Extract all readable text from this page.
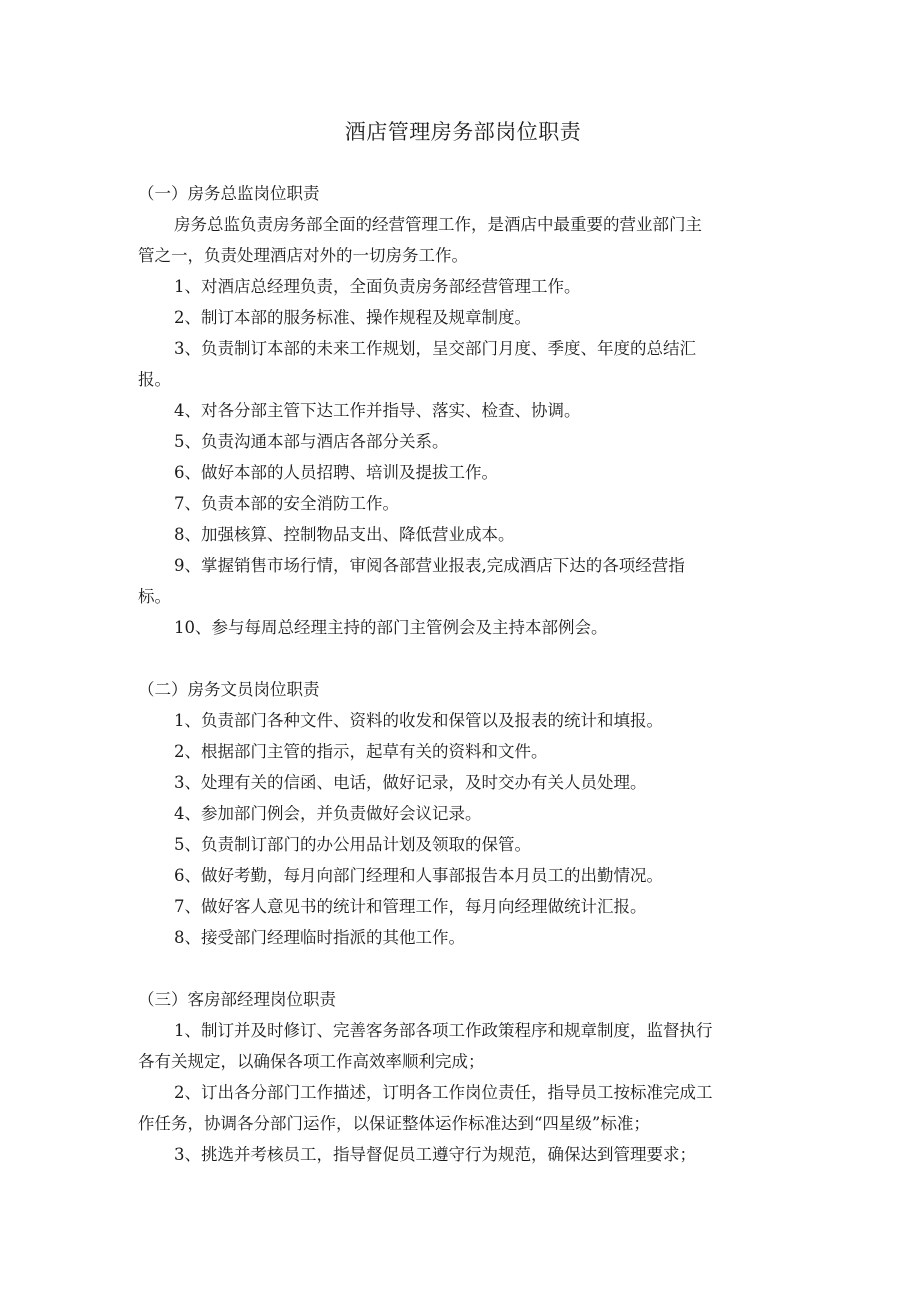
酒店管理房务部岗位职责
（一）房务总监岗位职责
房务总监负责房务部全面的经营管理工作，是酒店中最重要的营业部门主
管之一，负责处理酒店对外的一切房务工作。
1、对酒店总经理负责，全面负责房务部经营管理工作。
2、制订本部的服务标准、操作规程及规章制度。
3、负责制订本部的未来工作规划，呈交部门月度、季度、年度的总结汇
报。
4、对各分部主管下达工作并指导、落实、检查、协调。
5、负责沟通本部与酒店各部分关系。
6、做好本部的人员招聘、培训及提拔工作。
7、负责本部的安全消防工作。
8、加强核算、控制物品支出、降低营业成本。
9、掌握销售市场行情，审阅各部营业报表,完成酒店下达的各项经营指
标。
10、参与每周总经理主持的部门主管例会及主持本部例会。
（二）房务文员岗位职责
1、负责部门各种文件、资料的收发和保管以及报表的统计和填报。
2、根据部门主管的指示，起草有关的资料和文件。
3、处理有关的信函、电话，做好记录，及时交办有关人员处理。
4、参加部门例会，并负责做好会议记录。
5、负责制订部门的办公用品计划及领取的保管。
6、做好考勤，每月向部门经理和人事部报告本月员工的出勤情况。
7、做好客人意见书的统计和管理工作，每月向经理做统计汇报。
8、接受部门经理临时指派的其他工作。
（三）客房部经理岗位职责
1、制订并及时修订、完善客务部各项工作政策程序和规章制度，监督执行
各有关规定，以确保各项工作高效率顺利完成；
2、订出各分部门工作描述，订明各工作岗位责任，指导员工按标准完成工
作任务，协调各分部门运作，以保证整体运作标准达到“四星级”标准；
3、挑选并考核员工，指导督促员工遵守行为规范，确保达到管理要求；
